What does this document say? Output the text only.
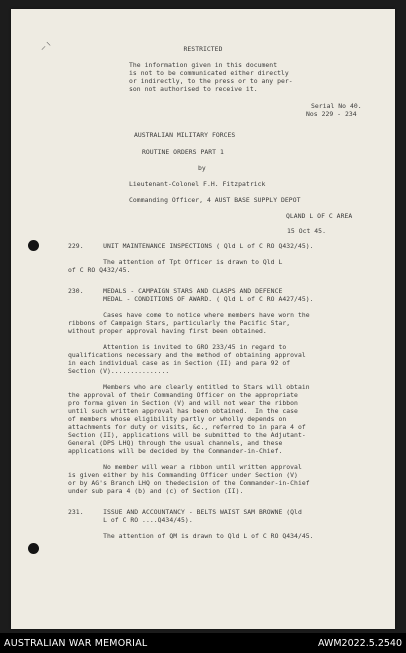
⸝⸌	RESTRICTED
The information given in this document
is not to be communicated either directly
or indirectly, to the press or to any per-
son not authorised to receive it.
Serial No 40.
Nos 229 - 234
AUSTRALIAN MILITARY FORCES
ROUTINE ORDERS PART 1
by
Lieutenant-Colonel F.H. Fitzpatrick
Commanding Officer, 4 AUST BASE SUPPLY DEPOT
QLAND L OF C AREA
15 Oct 45.
229.     UNIT MAINTENANCE INSPECTIONS ( Qld L of C RO Q432/45).
The attention of Tpt Officer is drawn to Qld L
of C RO Q432/45.
230.     MEDALS - CAMPAIGN STARS AND CLASPS AND DEFENCE
MEDAL - CONDITIONS OF AWARD. ( Qld L of C RO A427/45).
Cases have come to notice where members have worn the
ribbons of Campaign Stars, particularly the Pacific Star,
without proper approval having first been obtained.
Attention is invited to GRO 233/45 in regard to
qualifications necessary and the method of obtaining approval
in each individual case as in Section (II) and para 92 of
Section (V)...............
Members who are clearly entitled to Stars will obtain
the approval of their Commanding Officer on the appropriate
pro forma given in Section (V) and will not wear the ribbon
until such written approval has been obtained.  In the case
of members whose eligibility partly or wholly depends on
attachments for duty or visits, &c., referred to in para 4 of
Section (II), applications will be submitted to the Adjutant-
General (DPS LHQ) through the usual channels, and these
applications will be decided by the Commander-in-Chief.
No member will wear a ribbon until written approval
is given either by his Commanding Officer under Section (V)
or by AG's Branch LHQ on thedecision of the Commander-in-Chief
under sub para 4 (b) and (c) of Section (II).
231.     ISSUE AND ACCOUNTANCY - BELTS WAIST SAM BROWNE (Qld
L of C RO ....Q434/45).
The attention of QM is drawn to Qld L of C RO Q434/45.
AUSTRALIAN WAR MEMORIAL	AWM2022.5.2540
